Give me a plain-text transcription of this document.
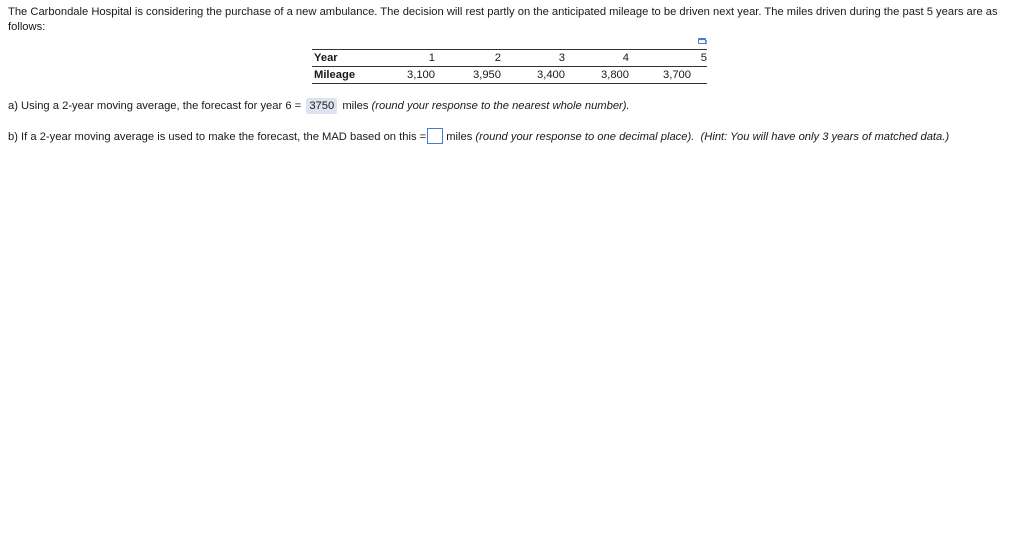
The Carbondale Hospital is considering the purchase of a new ambulance. The decision will rest partly on the anticipated mileage to be driven next year. The miles driven during the past 5 years are as follows:
Year	1	2	3	4	5
Mileage	3,100	3,950	3,400	3,800	3,700
a) Using a 2-year moving average, the forecast for year 6 = 3750 miles (round your response to the nearest whole number).
b) If a 2-year moving average is used to make the forecast, the MAD based on this = miles (round your response to one decimal place). (Hint: You will have only 3 years of matched data.)
